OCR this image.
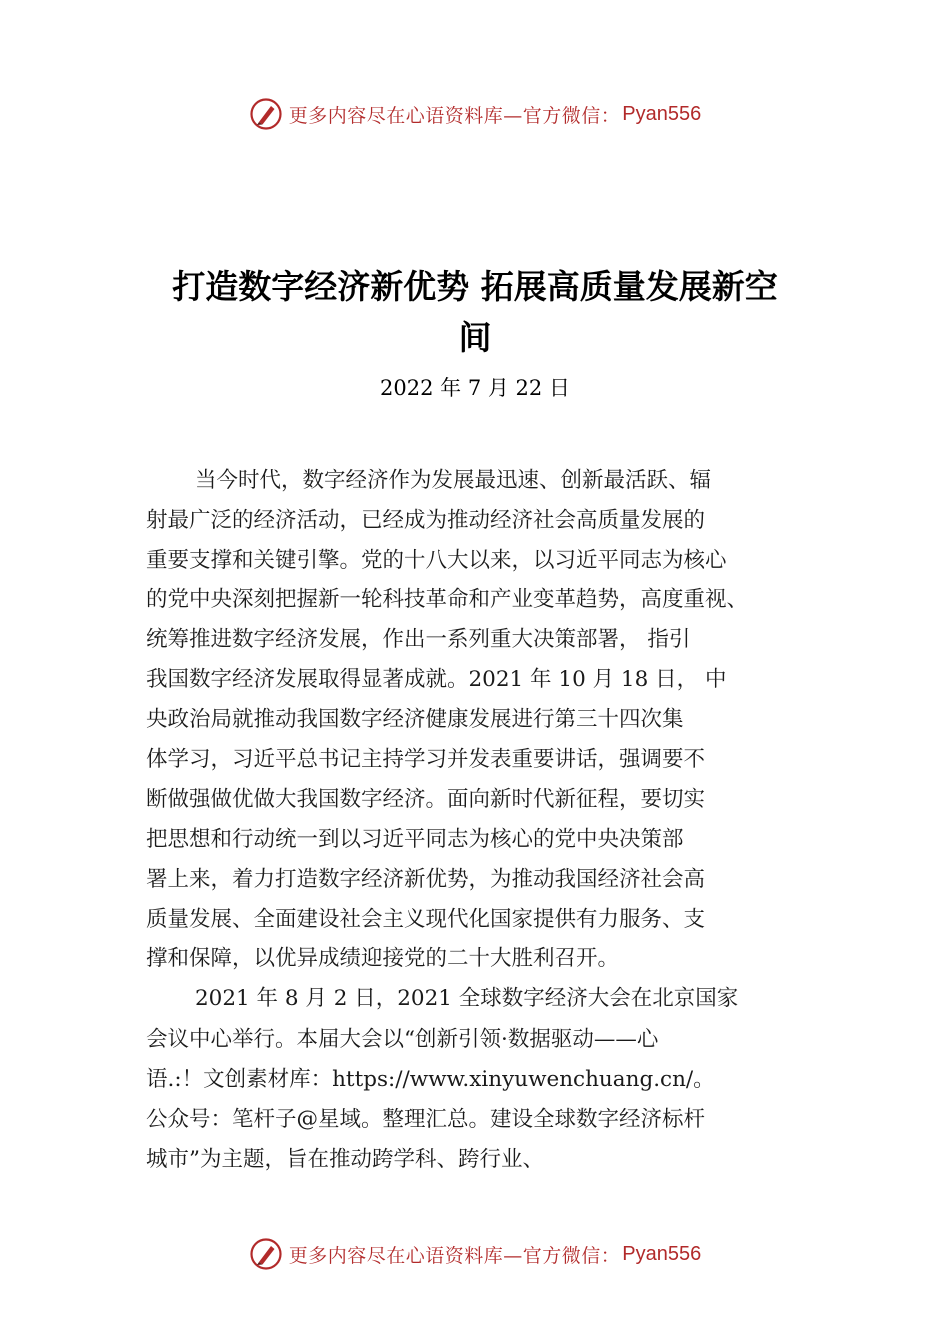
更多内容尽在心语资料库—官方微信： Pyan556
打造数字经济新优势 拓展高质量发展新空
间
2022 年 7 月 22 日
当今时代，数字经济作为发展最迅速、创新最活跃、辐
射最广泛的经济活动，已经成为推动经济社会高质量发展的
重要支撑和关键引擎。党的十八大以来，以习近平同志为核心
的党中央深刻把握新一轮科技革命和产业变革趋势，高度重视、
统筹推进数字经济发展，作出一系列重大决策部署， 指引
我国数字经济发展取得显著成就。2021 年 10 月 18 日， 中
央政治局就推动我国数字经济健康发展进行第三十四次集
体学习，习近平总书记主持学习并发表重要讲话，强调要不
断做强做优做大我国数字经济。面向新时代新征程，要切实
把思想和行动统一到以习近平同志为核心的党中央决策部
署上来，着力打造数字经济新优势，为推动我国经济社会高
质量发展、全面建设社会主义现代化国家提供有力服务、支
撑和保障，以优异成绩迎接党的二十大胜利召开。
2021 年 8 月 2 日，2021 全球数字经济大会在北京国家
会议中心举行。本届大会以“创新引领·数据驱动——心
语.:！文创素材库：https://www.xinyuwenchuang.cn/。
公众号：笔杆子@星域。整理汇总。建设全球数字经济标杆
城市”为主题，旨在推动跨学科、跨行业、
更多内容尽在心语资料库—官方微信： Pyan556
